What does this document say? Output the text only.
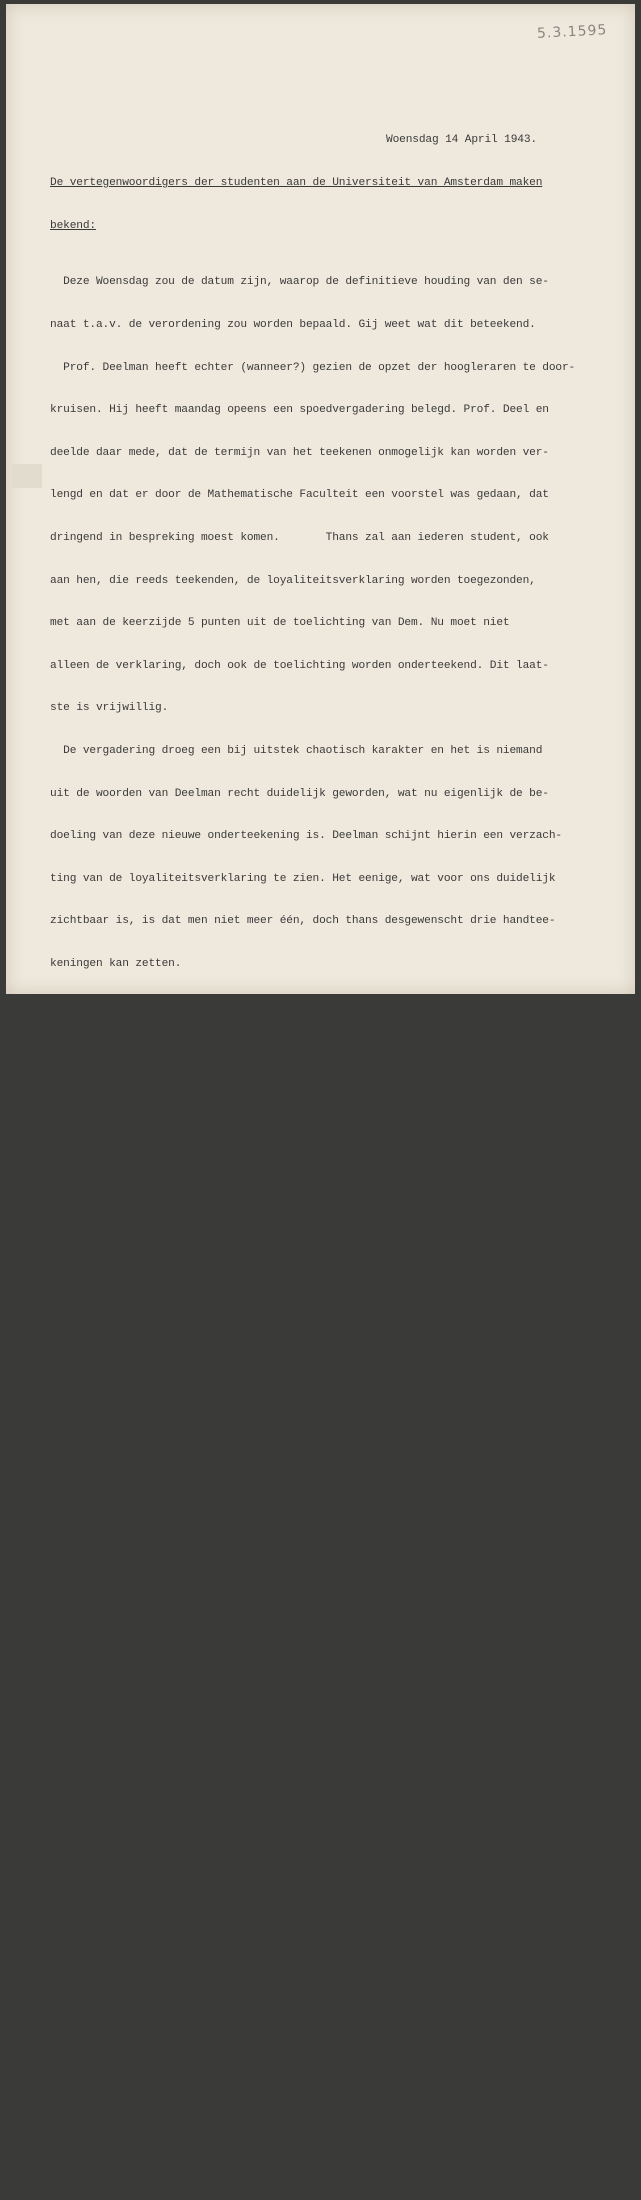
5.3.1595

Woensdag 14 April 1943.

De vertegenwoordigers der studenten aan de Universiteit van Amsterdam maken

bekend:

Deze Woensdag zou de datum zijn, waarop de definitieve houding van den se-

naat t.a.v. de verordening zou worden bepaald. Gij weet wat dit beteekend.

Prof. Deelman heeft echter (wanneer?) gezien de opzet der hoogleraren te door-

kruisen. Hij heeft maandag opeens een spoedvergadering belegd. Prof. Deel en

deelde daar mede, dat de termijn van het teekenen onmogelijk kan worden ver-

lengd en dat er door de Mathematische Faculteit een voorstel was gedaan, dat

dringend in bespreking moest komen.       Thans zal aan iederen student, ook

aan hen, die reeds teekenden, de loyaliteitsverklaring worden toegezonden,

met aan de keerzijde 5 punten uit de toelichting van Dem. Nu moet niet

alleen de verklaring, doch ook de toelichting worden onderteekend. Dit laat-

ste is vrijwillig.

De vergadering droeg een bij uitstek chaotisch karakter en het is niemand

uit de woorden van Deelman recht duidelijk geworden, wat nu eigenlijk de be-

doeling van deze nieuwe onderteekening is. Deelman schijnt hierin een verzach-

ting van de loyaliteitsverklaring te zien. Het eenige, wat voor ons duidelijk

zichtbaar is, is dat men niet meer één, doch thans desgewenscht drie handtee-

keningen kan zetten.

Een der leden van den Senaat merkte op, dat de termijn voor al deze nieuwe

formaliteiten uiterst krap is. De rector magnificus begaf zich hierop naar de

telefoon, en had een lang onderhoud met zijn vriend van Dam, dat hierin resul-

teerde, dat de heele zaak tot Zaterdag 17 April werd uitgesteld (merkwaardig

contrast met de mededeeling van den rector aan het begin van de vergadering).

De Senaat nam dit alles voor onguerstig op. De rector heeft de zaak geheel

naar eigen inzicht beslierd, en volgens de goede grondslagen van het leiders-

beginsel weten te verhinderen, dat de meening der groote meerderheid tot haar

recht kwam.

Deelman probeert dus, tezamen met van Dam, de studenten alsnog tot de lo-

yaliteitsverklaring over te halen. De Senaat als geheel is van meening, dat

professoren en studenten in dezen elk hun eigen verantwoordelijkheid dragen,

en dat het volkomen fout is, der studenten een of ander standpunt op te drin-

gen.

Deze meening achten wij geheel juist. Het komt nu op ons zelf aan. De strijd

is niet afgesloten, wij moeten onverminderd voort, minstens tot Zaterdag zal

men ons tot onderteekenen gaan te bewegen. Zij, die teekenden, laten zich

vooral leiden door overwegingen van gemiddelijk materieel gewin. Inderdaad

moesten wij rekening houden met aanzienlijke moeilijkheden, die ons bij niet-

onderteekening bedreigen. Maar hier staat het volgende tegenover:

1. Wie teekent stemt in met de verordening van van Dam c.s., zij sluit

zich aan bij de "inzet tegen het bolsjewisme". en bij het verwijderen van

2. De studenten vormen een groep, die gemakkelijker een consequente hou-

ding kan doorvoeren en zich kan permitteeren dan andere groepen van ons volk.

Bovendien moeten uit ons in de toekomst de leidende personen voortkomen.

Daarom is het van groot belang, dat wij ons volk een voorbeeld geven. Ieder

-0-0-0-0-0-0-0-0-0-
